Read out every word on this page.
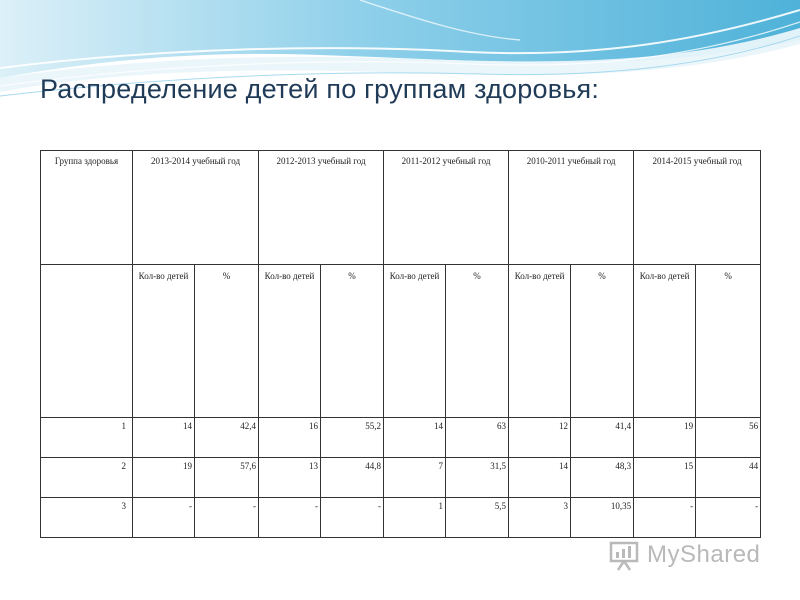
Распределение детей по группам здоровья:
Группа здоровья	2013-2014 учебный год		2012-2013 учебный год		2011-2012 учебный год		2010-2011 учебный год		2014-2015 учебный год	

	Кол-во детей	%	Кол-во детей	%	Кол-во детей	%	Кол-во детей	%	Кол-во детей	%
1	14	42,4	16	55,2	14	63	12	41,4	19	56
2	19	57,6	13	44,8	7	31,5	14	48,3	15	44
3	-	-	-	-	1	5,5	3	10,35	-	-
MyShared
